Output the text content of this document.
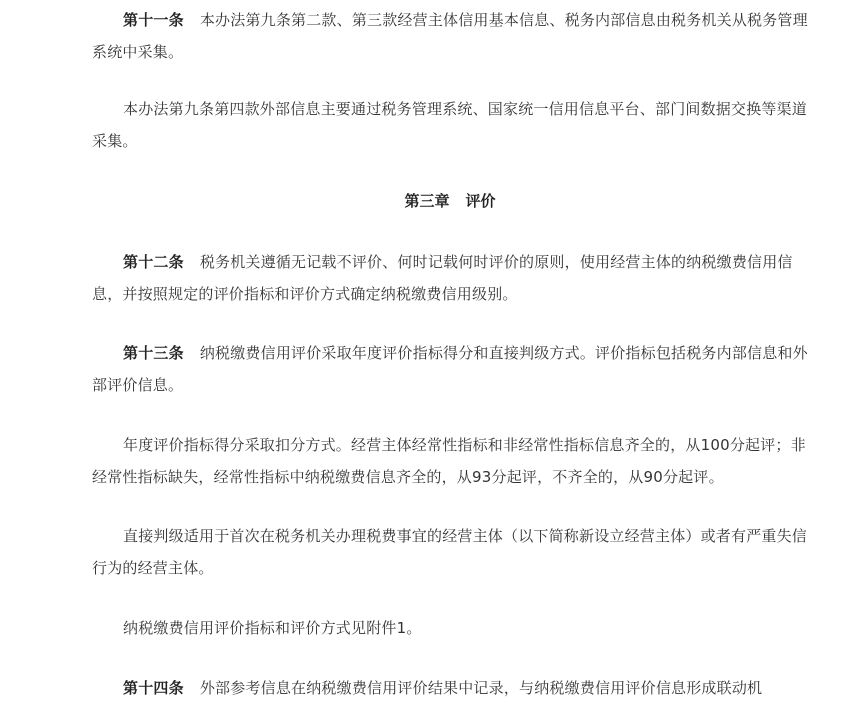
第十一条 本办法第九条第二款、第三款经营主体信用基本信息、税务内部信息由税务机关从税务管理系统中采集。

本办法第九条第四款外部信息主要通过税务管理系统、国家统一信用信息平台、部门间数据交换等渠道采集。

第三章 评价

第十二条 税务机关遵循无记载不评价、何时记载何时评价的原则，使用经营主体的纳税缴费信用信息，并按照规定的评价指标和评价方式确定纳税缴费信用级别。

第十三条 纳税缴费信用评价采取年度评价指标得分和直接判级方式。评价指标包括税务内部信息和外部评价信息。

年度评价指标得分采取扣分方式。经营主体经常性指标和非经常性指标信息齐全的，从100分起评；非经常性指标缺失，经常性指标中纳税缴费信息齐全的，从93分起评，不齐全的，从90分起评。

直接判级适用于首次在税务机关办理税费事宜的经营主体（以下简称新设立经营主体）或者有严重失信行为的经营主体。

纳税缴费信用评价指标和评价方式见附件1。

第十四条 外部参考信息在纳税缴费信用评价结果中记录，与纳税缴费信用评价信息形成联动机
